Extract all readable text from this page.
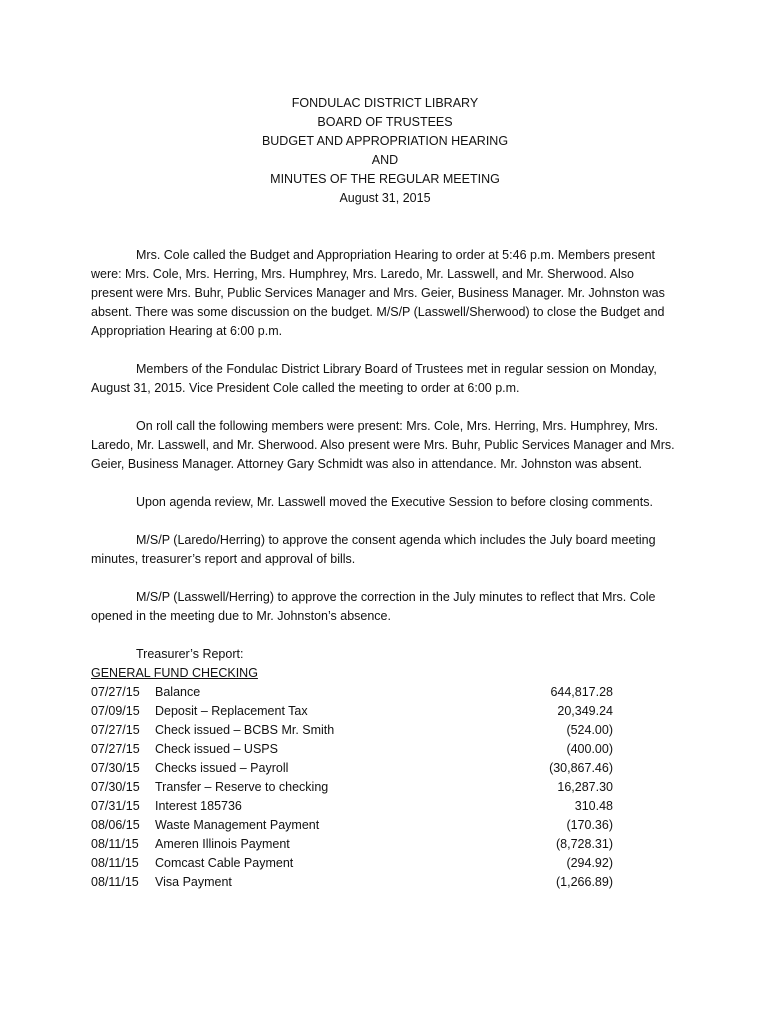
FONDULAC DISTRICT LIBRARY
BOARD OF TRUSTEES
BUDGET AND APPROPRIATION HEARING
AND
MINUTES OF THE REGULAR MEETING
August 31, 2015

Mrs. Cole called the Budget and Appropriation Hearing to order at 5:46 p.m. Members present were: Mrs. Cole, Mrs. Herring, Mrs. Humphrey, Mrs. Laredo, Mr. Lasswell, and Mr. Sherwood. Also present were Mrs. Buhr, Public Services Manager and Mrs. Geier, Business Manager. Mr. Johnston was absent. There was some discussion on the budget. M/S/P (Lasswell/Sherwood) to close the Budget and Appropriation Hearing at 6:00 p.m.

Members of the Fondulac District Library Board of Trustees met in regular session on Monday, August 31, 2015. Vice President Cole called the meeting to order at 6:00 p.m.

On roll call the following members were present: Mrs. Cole, Mrs. Herring, Mrs. Humphrey, Mrs. Laredo, Mr. Lasswell, and Mr. Sherwood. Also present were Mrs. Buhr, Public Services Manager and Mrs. Geier, Business Manager. Attorney Gary Schmidt was also in attendance. Mr. Johnston was absent.

Upon agenda review, Mr. Lasswell moved the Executive Session to before closing comments.

M/S/P (Laredo/Herring) to approve the consent agenda which includes the July board meeting minutes, treasurer’s report and approval of bills.

M/S/P (Lasswell/Herring) to approve the correction in the July minutes to reflect that Mrs. Cole opened in the meeting due to Mr. Johnston’s absence.

Treasurer’s Report:
GENERAL FUND CHECKING
07/27/15 Balance	644,817.28
07/09/15 Deposit – Replacement Tax	20,349.24
07/27/15 Check issued – BCBS Mr. Smith	(524.00)
07/27/15 Check issued – USPS	(400.00)
07/30/15 Checks issued – Payroll	(30,867.46)
07/30/15 Transfer – Reserve to checking	16,287.30
07/31/15 Interest 185736	310.48
08/06/15 Waste Management Payment	(170.36)
08/11/15 Ameren Illinois Payment	(8,728.31)
08/11/15 Comcast Cable Payment	(294.92)
08/11/15 Visa Payment	(1,266.89)
